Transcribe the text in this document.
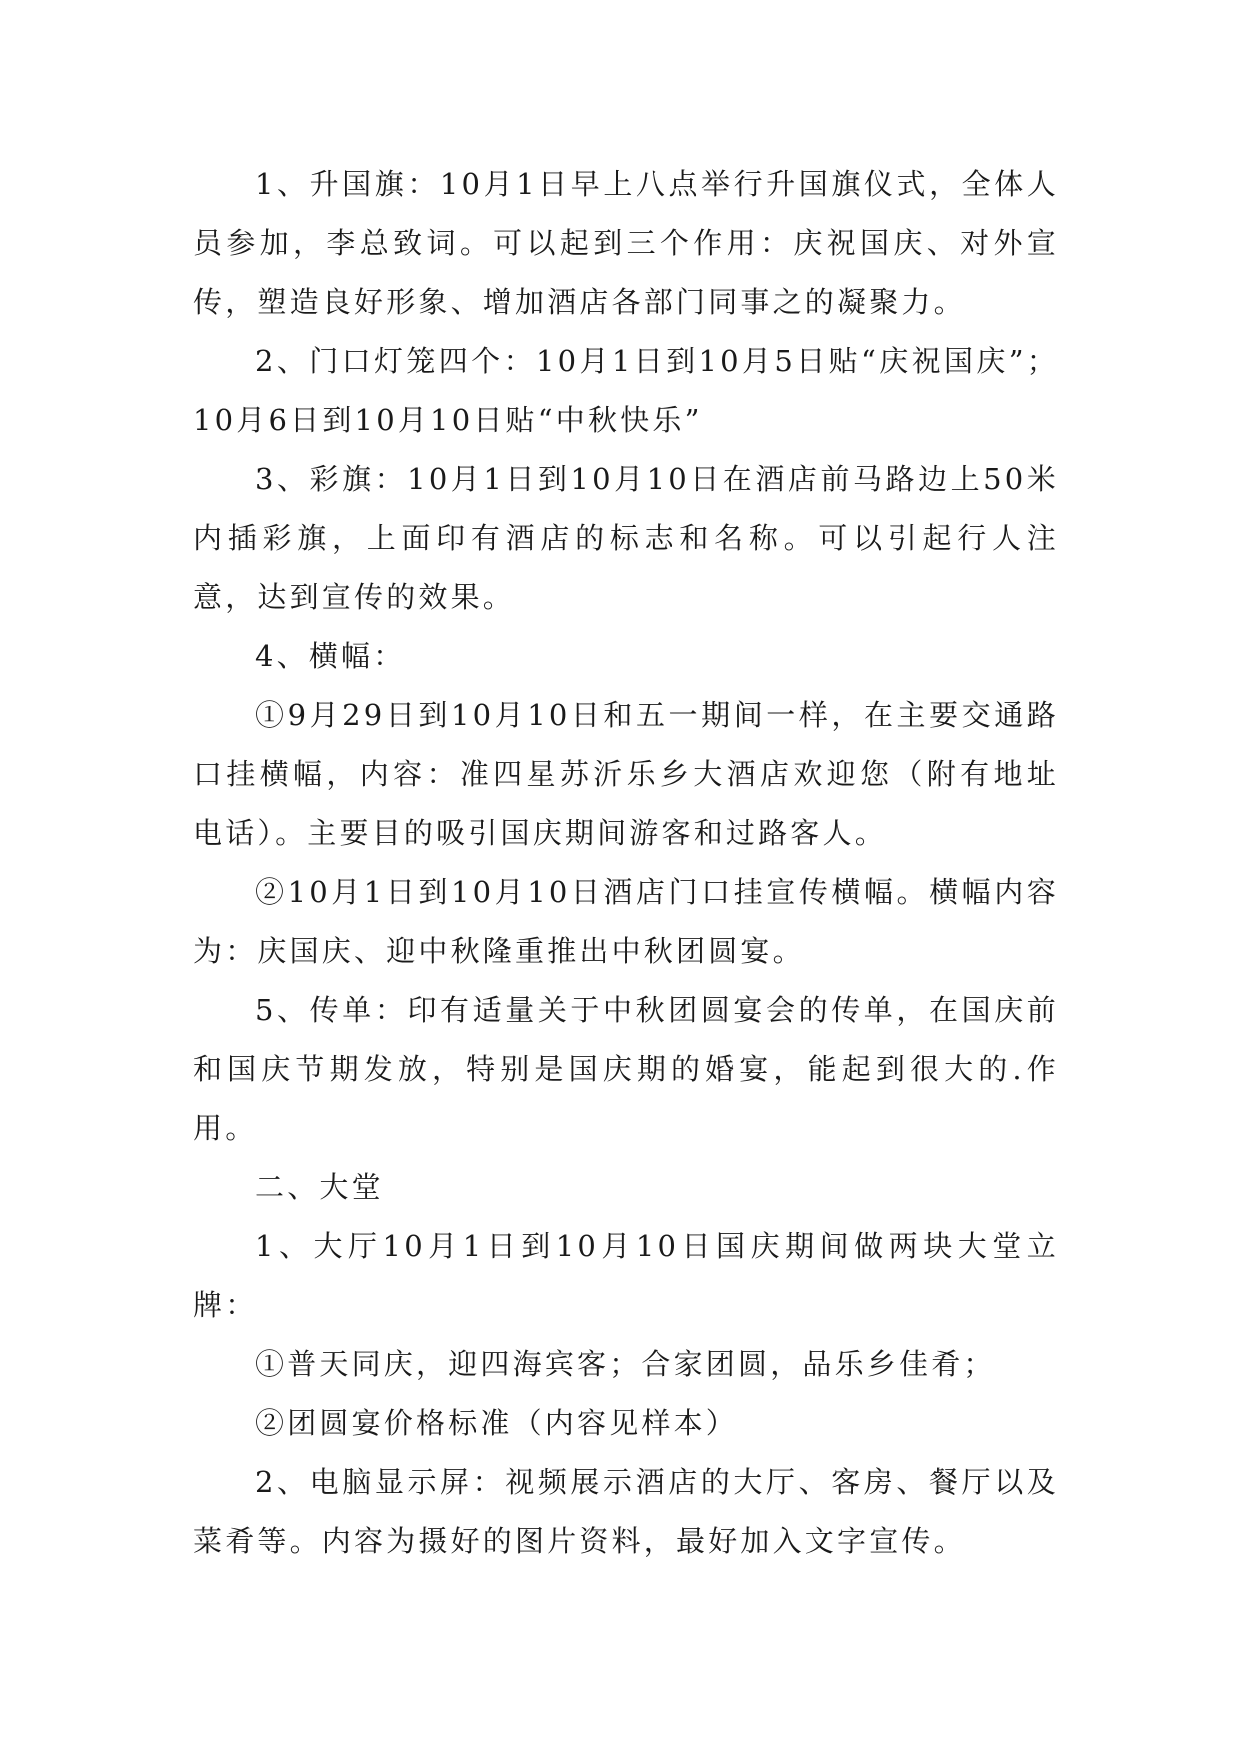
1、升国旗：10月1日早上八点举行升国旗仪式，全体人员参加，李总致词。可以起到三个作用：庆祝国庆、对外宣传，塑造良好形象、增加酒店各部门同事之的凝聚力。

2、门口灯笼四个：10月1日到10月5日贴“庆祝国庆”；10月6日到10月10日贴“中秋快乐”

3、彩旗：10月1日到10月10日在酒店前马路边上50米内插彩旗，上面印有酒店的标志和名称。可以引起行人注意，达到宣传的效果。

4、横幅：

①9月29日到10月10日和五一期间一样，在主要交通路口挂横幅，内容：准四星苏沂乐乡大酒店欢迎您（附有地址电话）。主要目的吸引国庆期间游客和过路客人。

②10月1日到10月10日酒店门口挂宣传横幅。横幅内容为：庆国庆、迎中秋隆重推出中秋团圆宴。

5、传单：印有适量关于中秋团圆宴会的传单，在国庆前和国庆节期发放，特别是国庆期的婚宴，能起到很大的.作用。

二、大堂

1、大厅10月1日到10月10日国庆期间做两块大堂立牌：

①普天同庆，迎四海宾客；合家团圆，品乐乡佳肴；

②团圆宴价格标准（内容见样本）

2、电脑显示屏：视频展示酒店的大厅、客房、餐厅以及菜肴等。内容为摄好的图片资料，最好加入文字宣传。
